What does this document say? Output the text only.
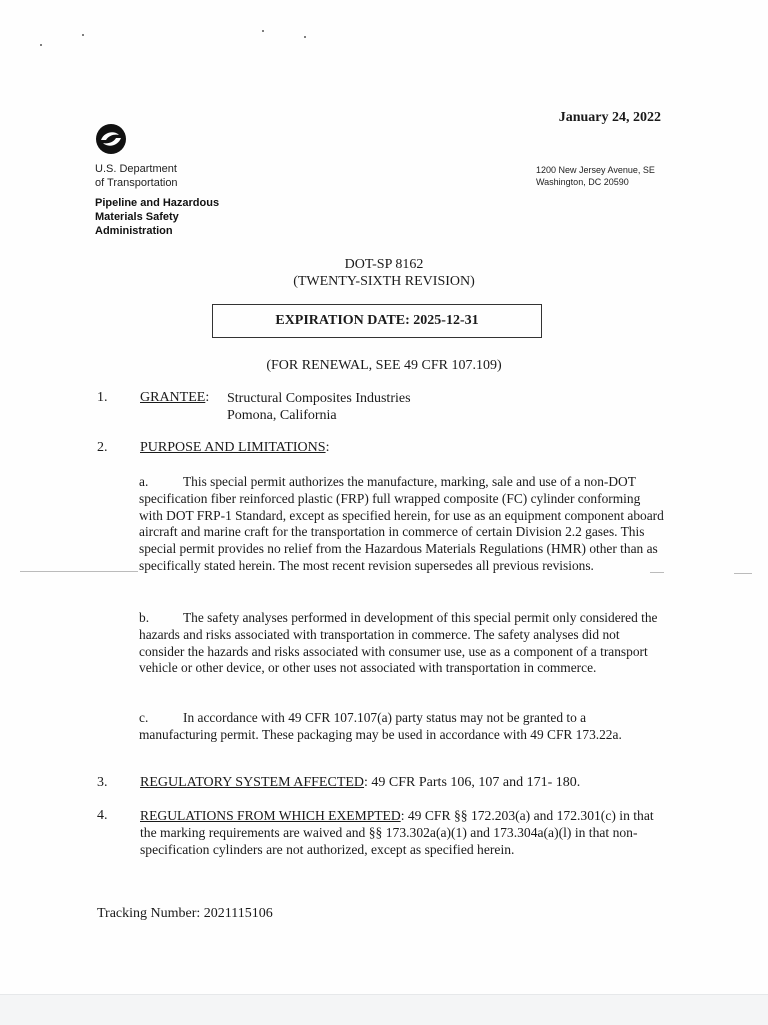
January 24, 2022
U.S. Department
of Transportation
Pipeline and Hazardous
Materials Safety
Administration
1200 New Jersey Avenue, SE
Washington, DC 20590
DOT-SP 8162
(TWENTY-SIXTH REVISION)
EXPIRATION DATE: 2025-12-31
(FOR RENEWAL, SEE 49 CFR 107.109)
1. GRANTEE: Structural Composites Industries
Pomona, California
2. PURPOSE AND LIMITATIONS:
a.	This special permit authorizes the manufacture, marking, sale and use of a non-DOT specification fiber reinforced plastic (FRP) full wrapped composite (FC) cylinder conforming with DOT FRP-1 Standard, except as specified herein, for use as an equipment component aboard aircraft and marine craft for the transportation in commerce of certain Division 2.2 gases. This special permit provides no relief from the Hazardous Materials Regulations (HMR) other than as specifically stated herein. The most recent revision supersedes all previous revisions.
b.	The safety analyses performed in development of this special permit only considered the hazards and risks associated with transportation in commerce. The safety analyses did not consider the hazards and risks associated with consumer use, use as a component of a transport vehicle or other device, or other uses not associated with transportation in commerce.
c.	In accordance with 49 CFR 107.107(a) party status may not be granted to a manufacturing permit. These packaging may be used in accordance with 49 CFR 173.22a.
3. REGULATORY SYSTEM AFFECTED: 49 CFR Parts 106, 107 and 171- 180.
4. REGULATIONS FROM WHICH EXEMPTED: 49 CFR §§ 172.203(a) and 172.301(c) in that the marking requirements are waived and §§ 173.302a(a)(1) and 173.304a(a)(l) in that non-specification cylinders are not authorized, except as specified herein.
Tracking Number: 2021115106
